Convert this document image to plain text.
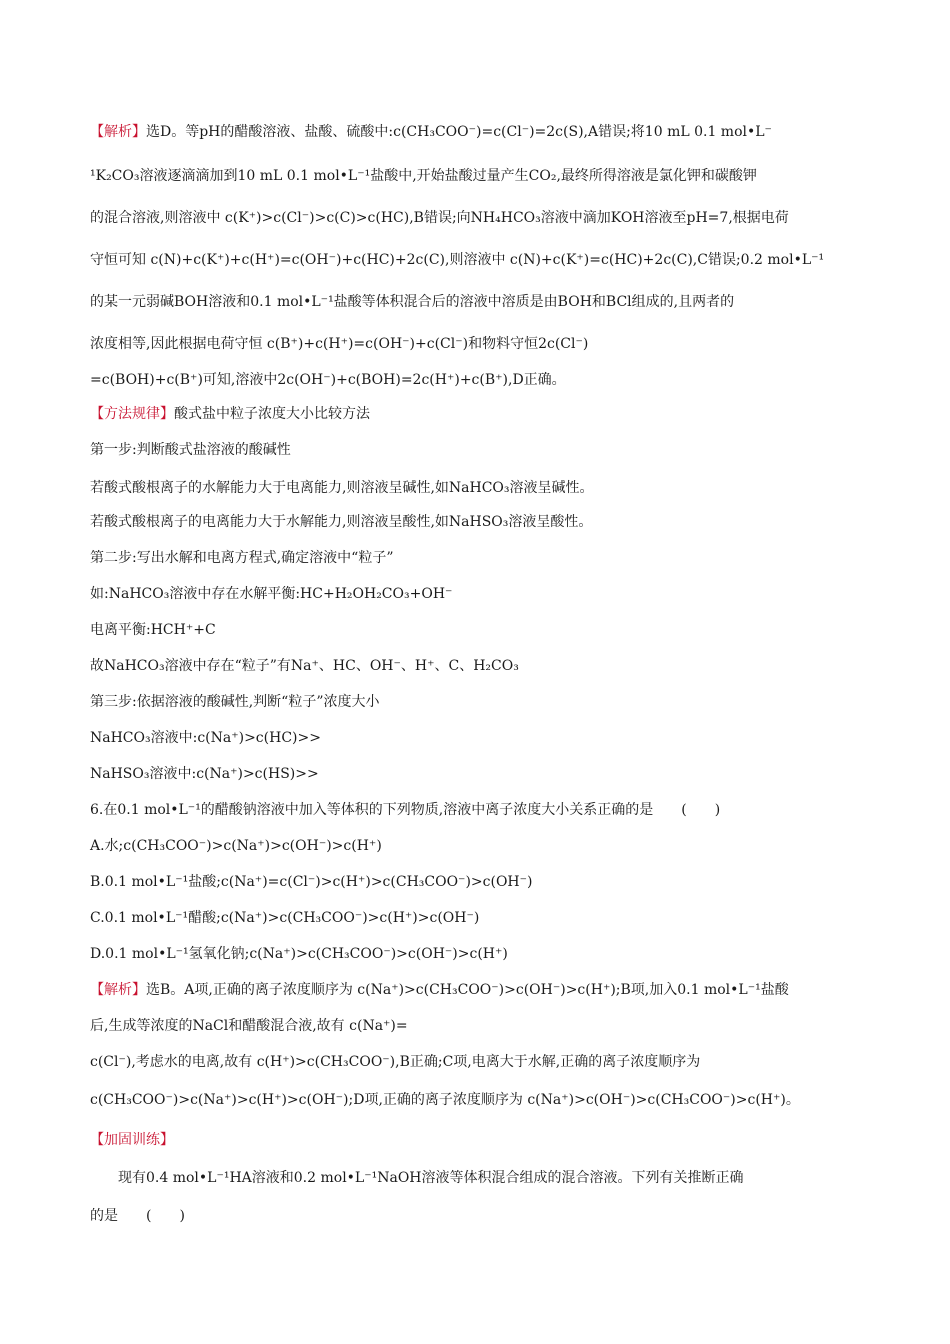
【解析】选D。等pH的醋酸溶液、盐酸、硫酸中:c(CH₃COO⁻)=c(Cl⁻)=2c(S),A错误;将10 mL 0.1 mol•L⁻
¹K₂CO₃溶液逐滴滴加到10 mL 0.1 mol•L⁻¹盐酸中,开始盐酸过量产生CO₂,最终所得溶液是氯化钾和碳酸钾
的混合溶液,则溶液中 c(K⁺)>c(Cl⁻)>c(C)>c(HC),B错误;向NH₄HCO₃溶液中滴加KOH溶液至pH=7,根据电荷
守恒可知 c(N)+c(K⁺)+c(H⁺)=c(OH⁻)+c(HC)+2c(C),则溶液中 c(N)+c(K⁺)=c(HC)+2c(C),C错误;0.2 mol•L⁻¹
的某一元弱碱BOH溶液和0.1 mol•L⁻¹盐酸等体积混合后的溶液中溶质是由BOH和BCl组成的,且两者的
浓度相等,因此根据电荷守恒 c(B⁺)+c(H⁺)=c(OH⁻)+c(Cl⁻)和物料守恒2c(Cl⁻)
=c(BOH)+c(B⁺)可知,溶液中2c(OH⁻)+c(BOH)=2c(H⁺)+c(B⁺),D正确。
【方法规律】酸式盐中粒子浓度大小比较方法
第一步:判断酸式盐溶液的酸碱性
若酸式酸根离子的水解能力大于电离能力,则溶液呈碱性,如NaHCO₃溶液呈碱性。
若酸式酸根离子的电离能力大于水解能力,则溶液呈酸性,如NaHSO₃溶液呈酸性。
第二步:写出水解和电离方程式,确定溶液中“粒子”
如:NaHCO₃溶液中存在水解平衡:HC+H₂OH₂CO₃+OH⁻
电离平衡:HCH⁺+C
故NaHCO₃溶液中存在“粒子”有Na⁺、HC、OH⁻、H⁺、C、H₂CO₃
第三步:依据溶液的酸碱性,判断“粒子”浓度大小
NaHCO₃溶液中:c(Na⁺)>c(HC)>>
NaHSO₃溶液中:c(Na⁺)>c(HS)>>
6.在0.1 mol•L⁻¹的醋酸钠溶液中加入等体积的下列物质,溶液中离子浓度大小关系正确的是　　(　　)
A.水;c(CH₃COO⁻)>c(Na⁺)>c(OH⁻)>c(H⁺)
B.0.1 mol•L⁻¹盐酸;c(Na⁺)=c(Cl⁻)>c(H⁺)>c(CH₃COO⁻)>c(OH⁻)
C.0.1 mol•L⁻¹醋酸;c(Na⁺)>c(CH₃COO⁻)>c(H⁺)>c(OH⁻)
D.0.1 mol•L⁻¹氢氧化钠;c(Na⁺)>c(CH₃COO⁻)>c(OH⁻)>c(H⁺)
【解析】选B。A项,正确的离子浓度顺序为 c(Na⁺)>c(CH₃COO⁻)>c(OH⁻)>c(H⁺);B项,加入0.1 mol•L⁻¹盐酸
后,生成等浓度的NaCl和醋酸混合液,故有 c(Na⁺)=
c(Cl⁻),考虑水的电离,故有 c(H⁺)>c(CH₃COO⁻),B正确;C项,电离大于水解,正确的离子浓度顺序为
c(CH₃COO⁻)>c(Na⁺)>c(H⁺)>c(OH⁻);D项,正确的离子浓度顺序为 c(Na⁺)>c(OH⁻)>c(CH₃COO⁻)>c(H⁺)。
【加固训练】
　　现有0.4 mol•L⁻¹HA溶液和0.2 mol•L⁻¹NaOH溶液等体积混合组成的混合溶液。下列有关推断正确
的是　　(　　)
